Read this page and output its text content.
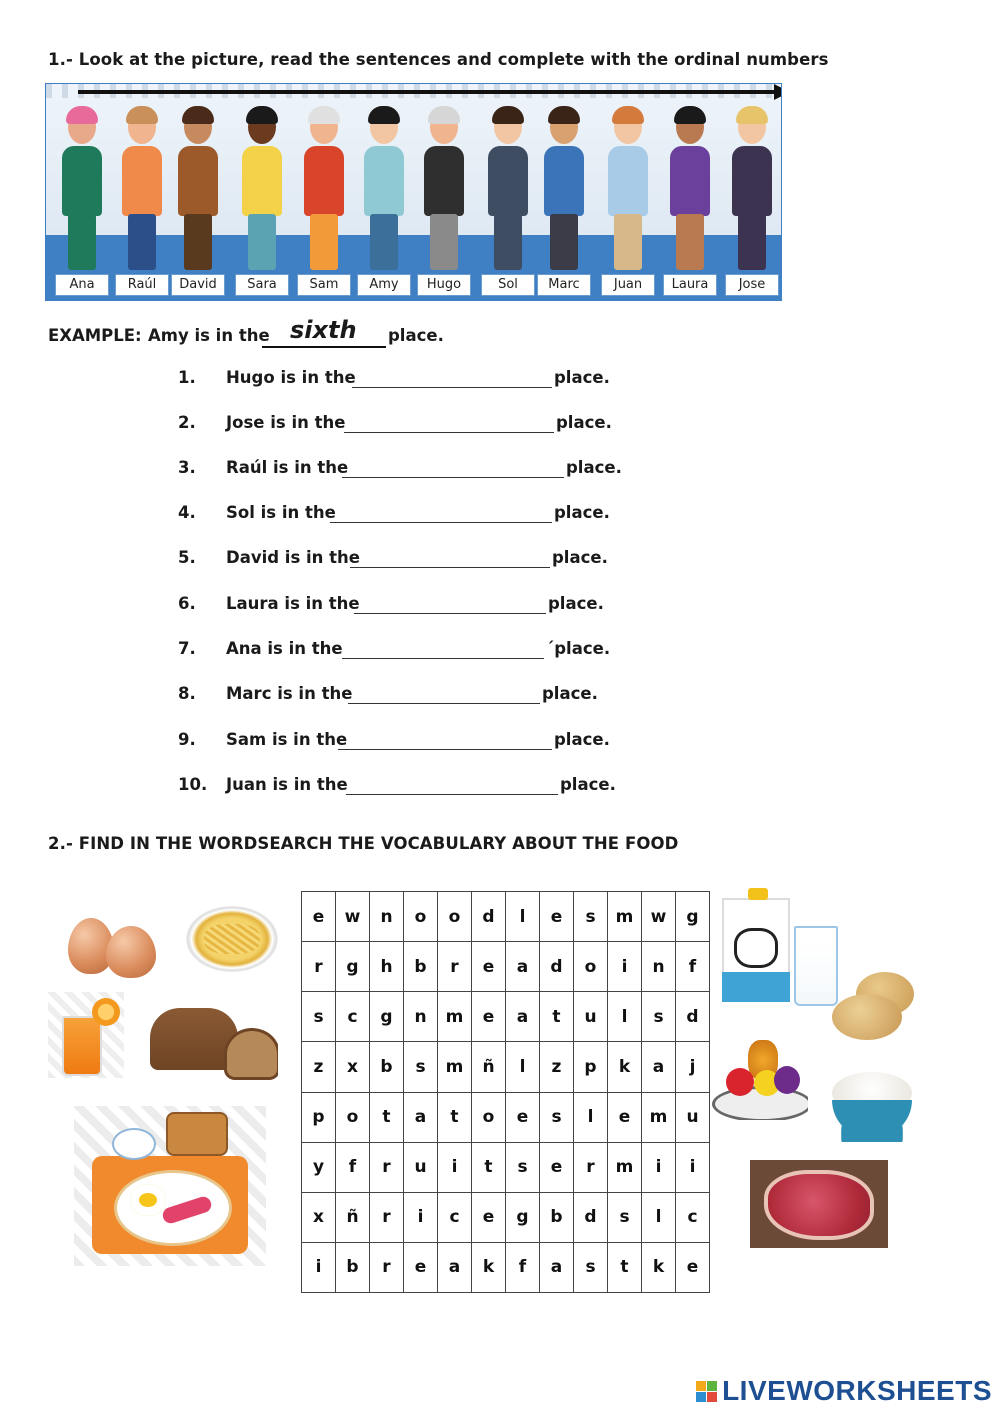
1.- Look at the picture, read the sentences and complete with the ordinal numbers
Ana	Raúl	David	Sara	Sam	Amy	Hugo	Sol	Marc	Juan	Laura	Jose
EXAMPLE: Amy is in the sixth place.
1. Hugo is in the	place.
2. Jose is in the	place.
3. Raúl is in the	place.
4. Sol is in the	place.
5. David is in the	place.
6. Laura is in the	place.
7. Ana is in the	´place.
8. Marc is in the	place.
9. Sam is in the	place.
10. Juan is in the	place.
2.- FIND IN THE WORDSEARCH THE VOCABULARY ABOUT THE FOOD
e	w	n	o	o	d	l	e	s	m	w	g
r	g	h	b	r	e	a	d	o	i	n	f
s	c	g	n	m	e	a	t	u	l	s	d
z	x	b	s	m	ñ	l	z	p	k	a	j
p	o	t	a	t	o	e	s	l	e	m	u
y	f	r	u	i	t	s	e	r	m	i	i
x	ñ	r	i	c	e	g	b	d	s	l	c
i	b	r	e	a	k	f	a	s	t	k	e
LIVEWORKSHEETS
